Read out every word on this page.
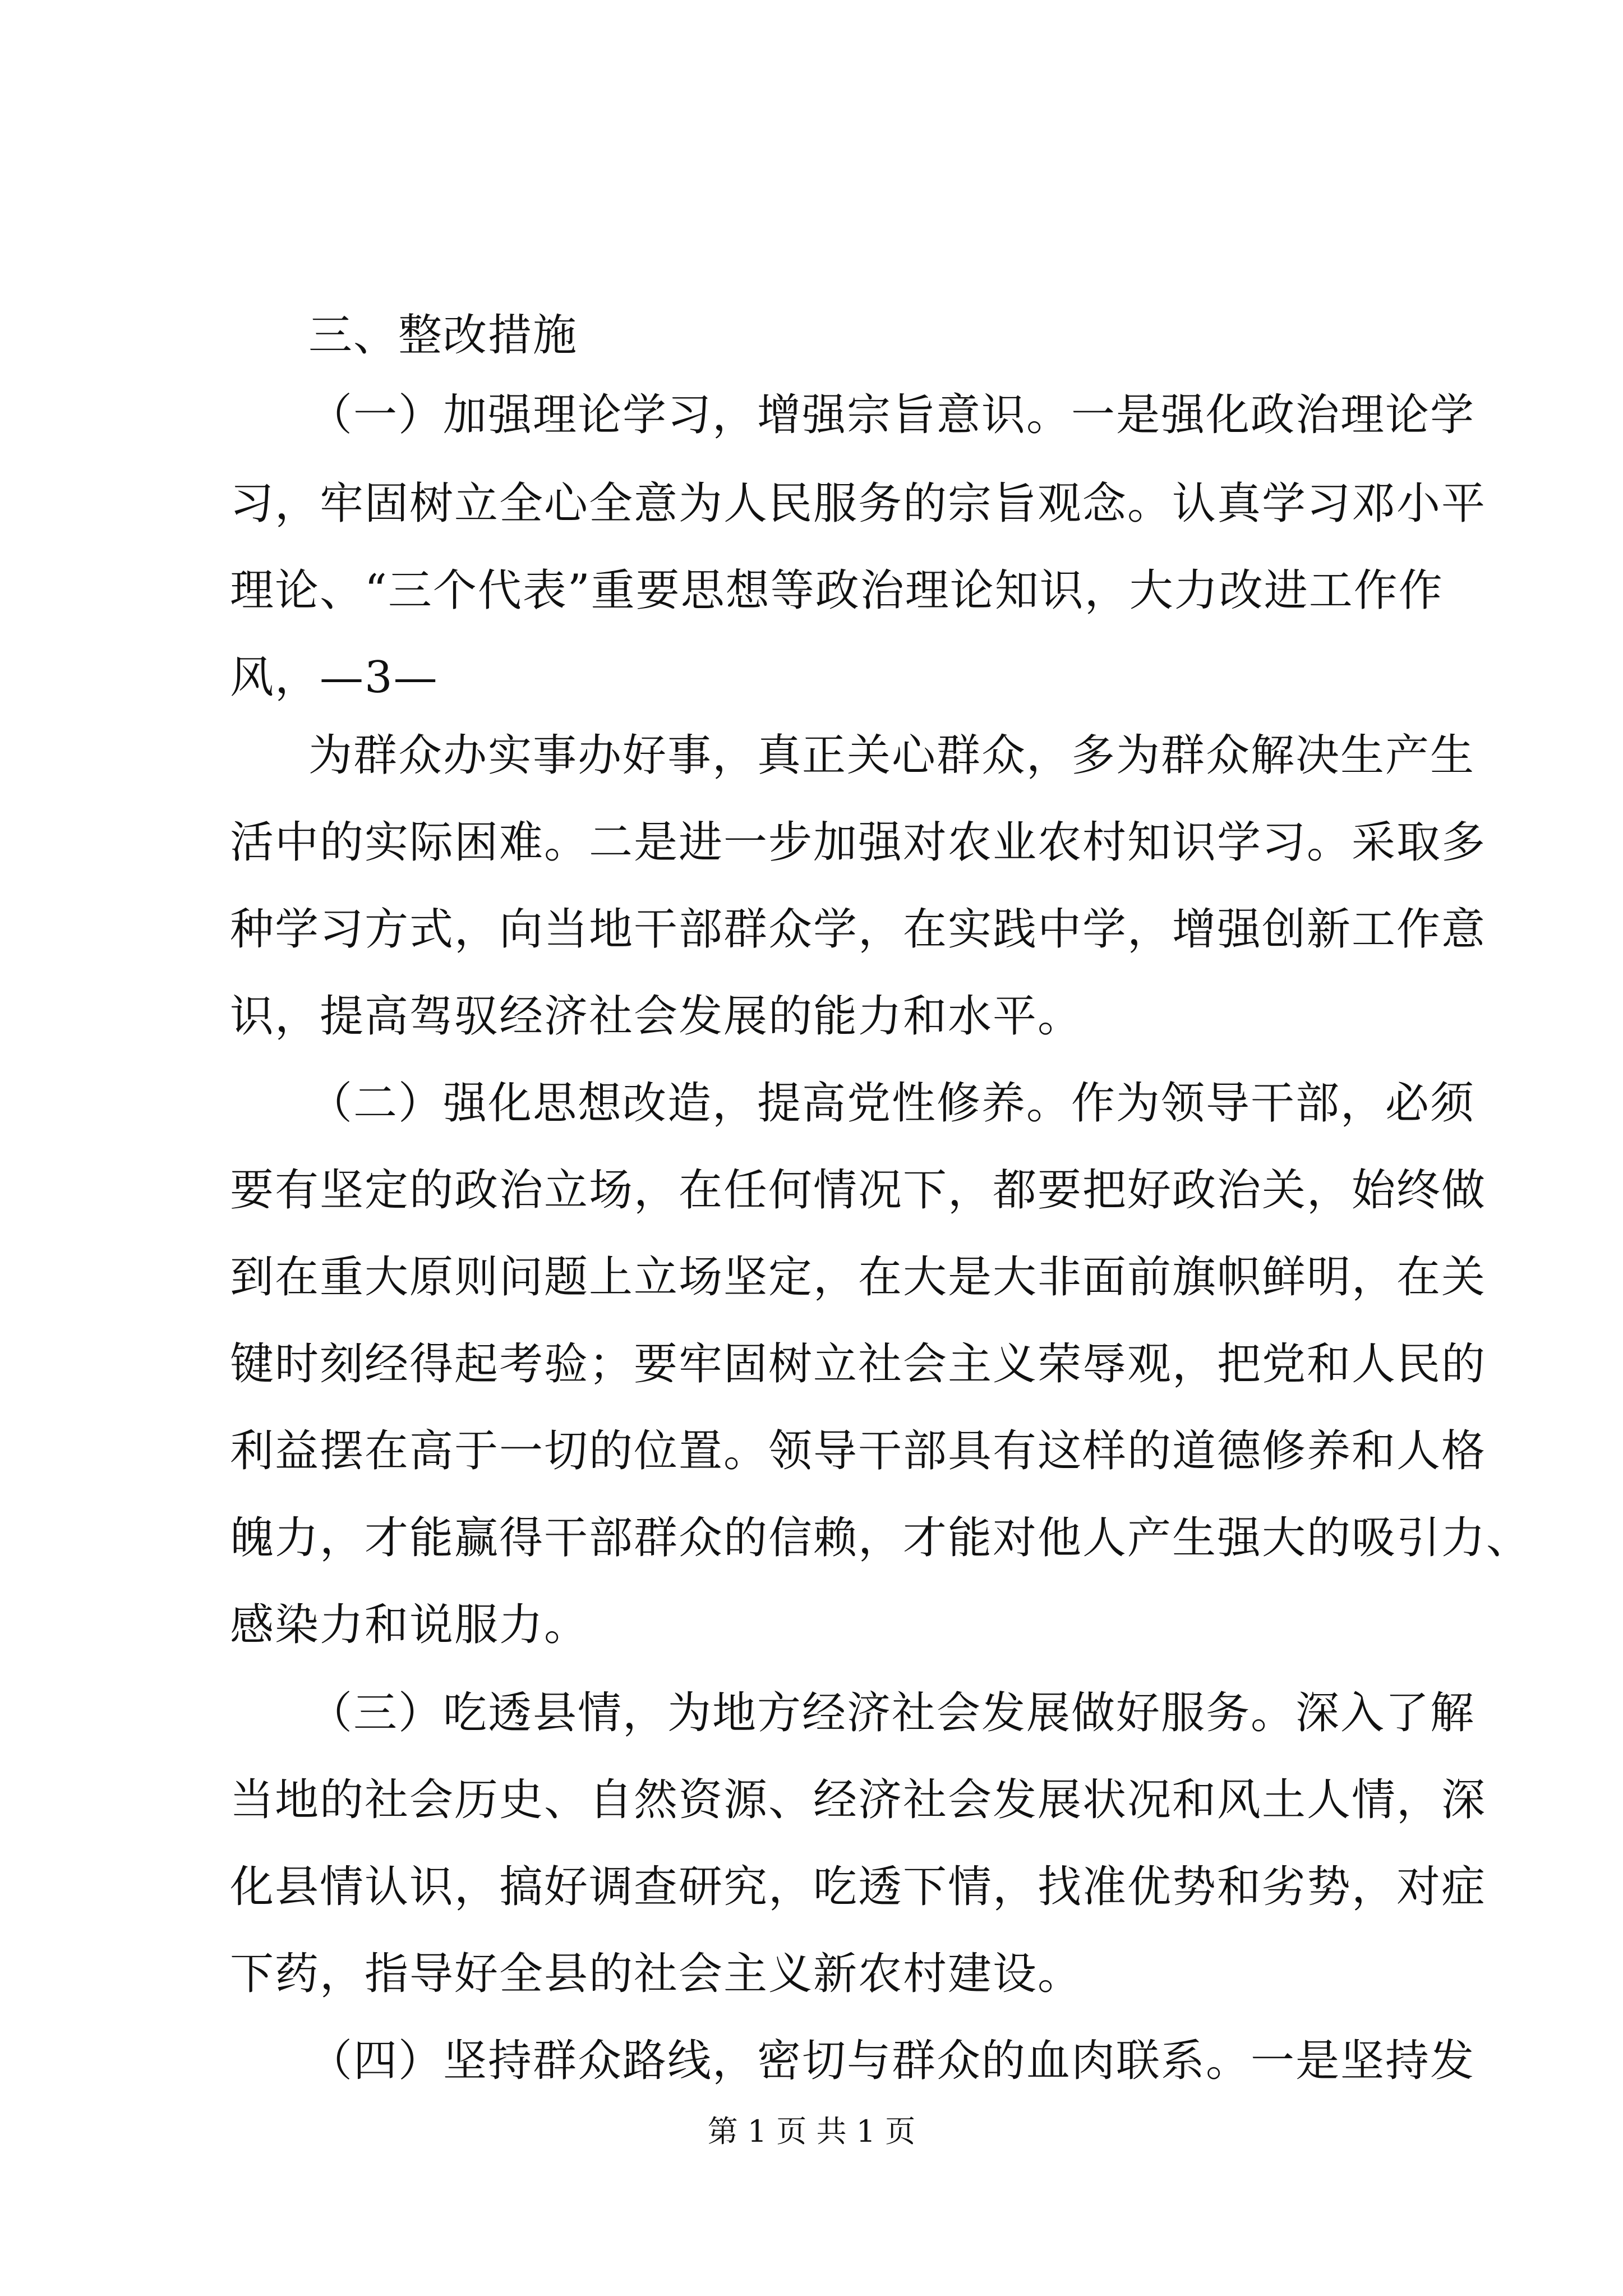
三、整改措施
（一）加强理论学习，增强宗旨意识。一是强化政治理论学
习，牢固树立全心全意为人民服务的宗旨观念。认真学习邓小平
理论、“三个代表”重要思想等政治理论知识，大力改进工作作
风，—3—
为群众办实事办好事，真正关心群众，多为群众解决生产生
活中的实际困难。二是进一步加强对农业农村知识学习。采取多
种学习方式，向当地干部群众学，在实践中学，增强创新工作意
识，提高驾驭经济社会发展的能力和水平。
（二）强化思想改造，提高党性修养。作为领导干部，必须
要有坚定的政治立场，在任何情况下，都要把好政治关，始终做
到在重大原则问题上立场坚定，在大是大非面前旗帜鲜明，在关
键时刻经得起考验；要牢固树立社会主义荣辱观，把党和人民的
利益摆在高于一切的位置。领导干部具有这样的道德修养和人格
魄力，才能赢得干部群众的信赖，才能对他人产生强大的吸引力、
感染力和说服力。
（三）吃透县情，为地方经济社会发展做好服务。深入了解
当地的社会历史、自然资源、经济社会发展状况和风土人情，深
化县情认识，搞好调查研究，吃透下情，找准优势和劣势，对症
下药，指导好全县的社会主义新农村建设。
（四）坚持群众路线，密切与群众的血肉联系。一是坚持发
第 1 页 共 1 页
